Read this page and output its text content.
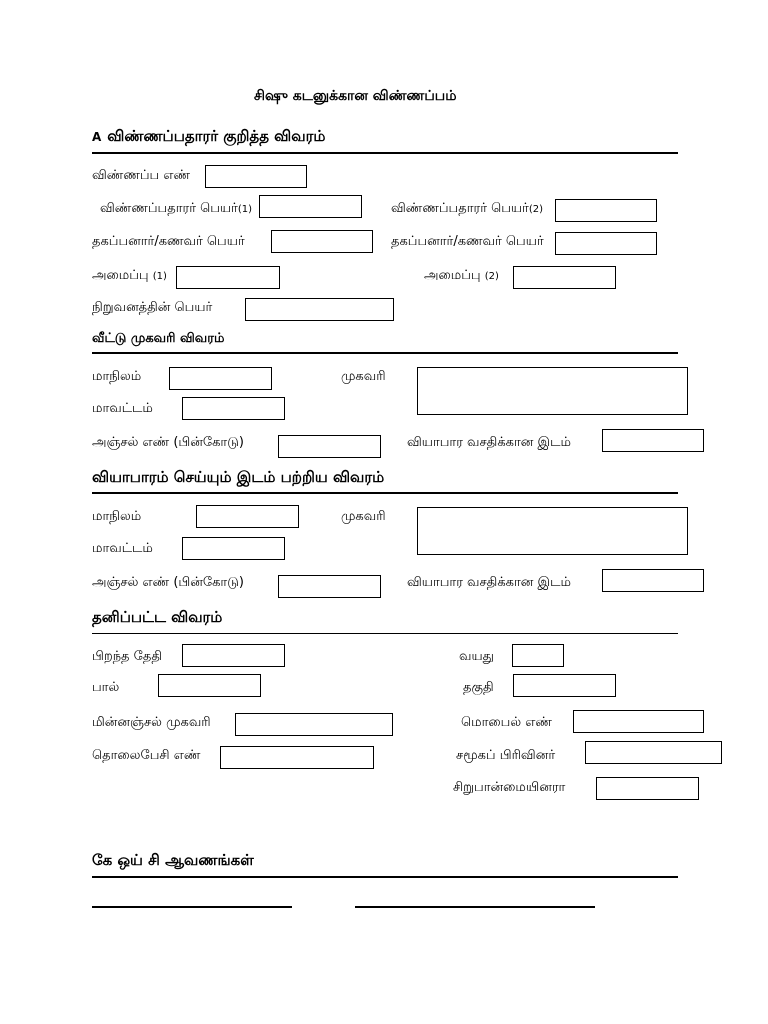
சிஷு கடனுக்கான விண்ணப்பம்
A விண்ணப்பதாரர் குறித்த விவரம்
விண்ணப்ப எண்
விண்ணப்பதாரர் பெயர்(1)	விண்ணப்பதாரர் பெயர்(2)
தகப்பனார்/கணவர் பெயர்	தகப்பனார்/கணவர் பெயர்
அமைப்பு (1)	அமைப்பு (2)
நிறுவனத்தின் பெயர்
வீட்டு முகவரி விவரம்
மாநிலம்	முகவரி
மாவட்டம்
அஞ்சல் எண் (பின்கோடு)	வியாபார வசதிக்கான இடம்
வியாபாரம் செய்யும் இடம் பற்றிய விவரம்
மாநிலம்	முகவரி
மாவட்டம்
அஞ்சல் எண் (பின்கோடு)	வியாபார வசதிக்கான இடம்
தனிப்பட்ட விவரம்
பிறந்த தேதி	வயது
பால்	தகுதி
மின்னஞ்சல் முகவரி	மொபைல் எண்
தொலைபேசி எண்	சமூகப் பிரிவினர்
சிறுபான்மையினரா
கே ஒய் சி ஆவணங்கள்
